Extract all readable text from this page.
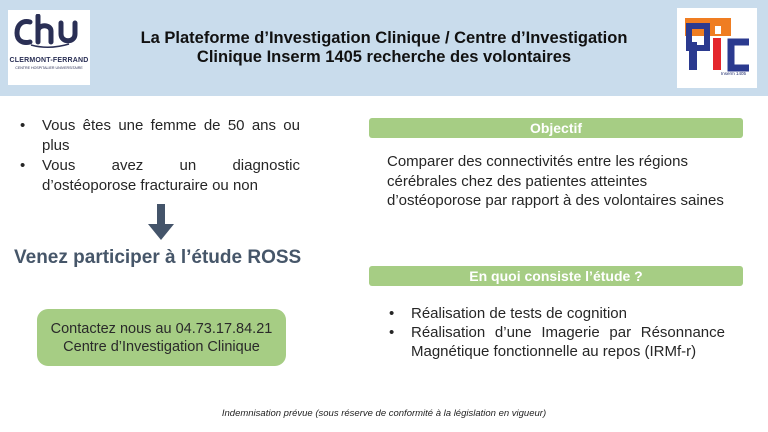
CLERMONT-FERRAND
CENTRE HOSPITALIER UNIVERSITAIRE
La Plateforme d’Investigation Clinique / Centre d’Investigation
Clinique Inserm 1405 recherche des volontaires
Inserm 1405
• Vous êtes une femme de 50 ans ou plus
• Vous avez un diagnostic d’ostéoporose fracturaire ou non
Venez participer à l’étude ROSS
Contactez nous au 04.73.17.84.21
Centre d’Investigation Clinique
Objectif
Comparer des connectivités entre les régions cérébrales chez des patientes atteintes d’ostéoporose par rapport à des volontaires saines
En quoi consiste l’étude ?
• Réalisation de tests de cognition
• Réalisation d’une Imagerie par Résonnance Magnétique fonctionnelle au repos (IRMf-r)
Indemnisation prévue (sous réserve de conformité à la législation en vigueur)
